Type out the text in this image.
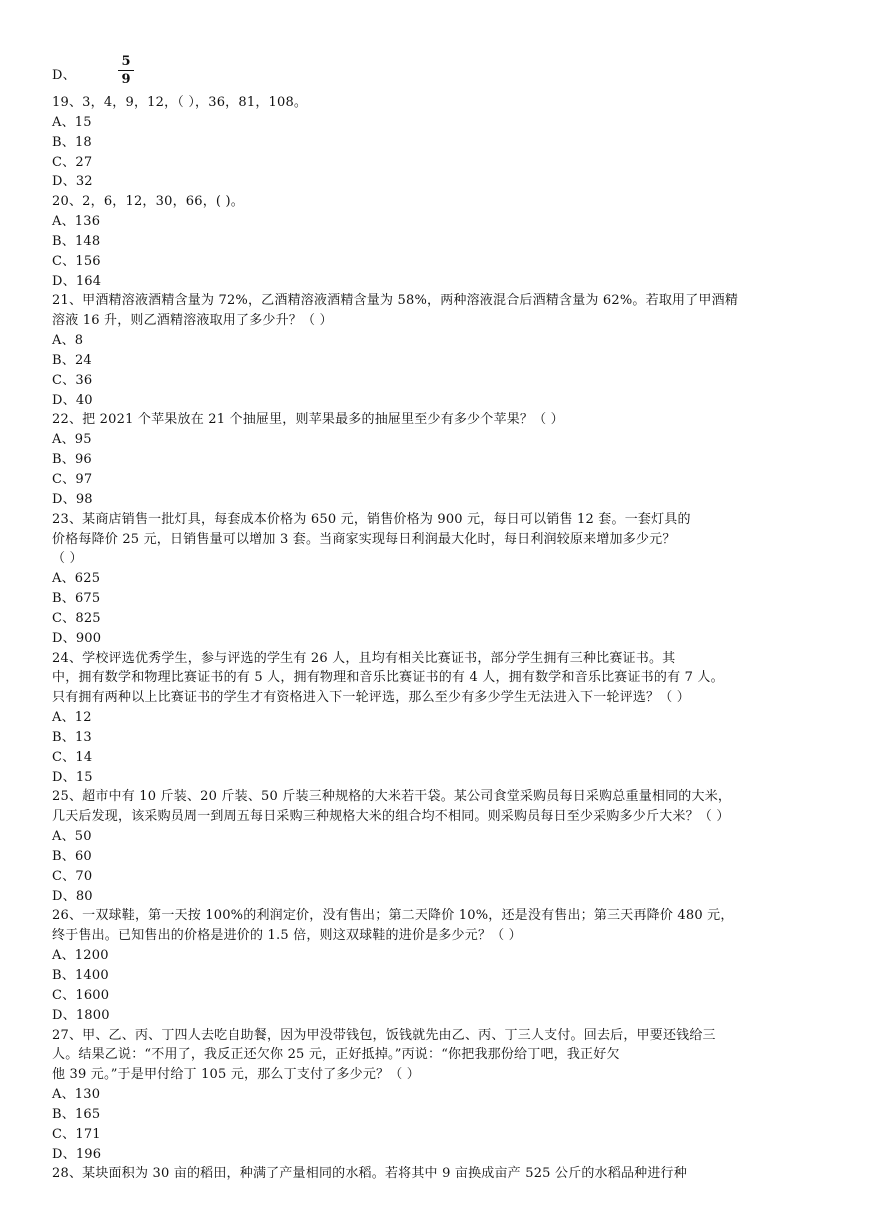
D、
5
9
19、3，4，9，12，（ ），36，81，108。
A、15
B、18
C、27
D、32
20、2，6，12，30，66，( )。
A、136
B、148
C、156
D、164
21、甲酒精溶液酒精含量为 72%，乙酒精溶液酒精含量为 58%，两种溶液混合后酒精含量为 62%。若取用了甲酒精
溶液 16 升，则乙酒精溶液取用了多少升？（ ）
A、8
B、24
C、36
D、40
22、把 2021 个苹果放在 21 个抽屉里，则苹果最多的抽屉里至少有多少个苹果？（ ）
A、95
B、96
C、97
D、98
23、某商店销售一批灯具，每套成本价格为 650 元，销售价格为 900 元，每日可以销售 12 套。一套灯具的
价格每降价 25 元，日销售量可以增加 3 套。当商家实现每日利润最大化时，每日利润较原来增加多少元？
（ ）
A、625
B、675
C、825
D、900
24、学校评选优秀学生，参与评选的学生有 26 人，且均有相关比赛证书，部分学生拥有三种比赛证书。其
中，拥有数学和物理比赛证书的有 5 人，拥有物理和音乐比赛证书的有 4 人，拥有数学和音乐比赛证书的有 7 人。
只有拥有两种以上比赛证书的学生才有资格进入下一轮评选，那么至少有多少学生无法进入下一轮评选？（ ）
A、12
B、13
C、14
D、15
25、超市中有 10 斤装、20 斤装、50 斤装三种规格的大米若干袋。某公司食堂采购员每日采购总重量相同的大米，
几天后发现，该采购员周一到周五每日采购三种规格大米的组合均不相同。则采购员每日至少采购多少斤大米？（ ）
A、50
B、60
C、70
D、80
26、一双球鞋，第一天按 100%的利润定价，没有售出；第二天降价 10%，还是没有售出；第三天再降价 480 元，
终于售出。已知售出的价格是进价的 1.5 倍，则这双球鞋的进价是多少元？（ ）
A、1200
B、1400
C、1600
D、1800
27、甲、乙、丙、丁四人去吃自助餐，因为甲没带钱包，饭钱就先由乙、丙、丁三人支付。回去后，甲要还钱给三
人。结果乙说：“不用了，我反正还欠你 25 元，正好抵掉。”丙说：“你把我那份给丁吧，我正好欠
他 39 元。”于是甲付给丁 105 元，那么丁支付了多少元？（ ）
A、130
B、165
C、171
D、196
28、某块面积为 30 亩的稻田，种满了产量相同的水稻。若将其中 9 亩换成亩产 525 公斤的水稻品种进行种
